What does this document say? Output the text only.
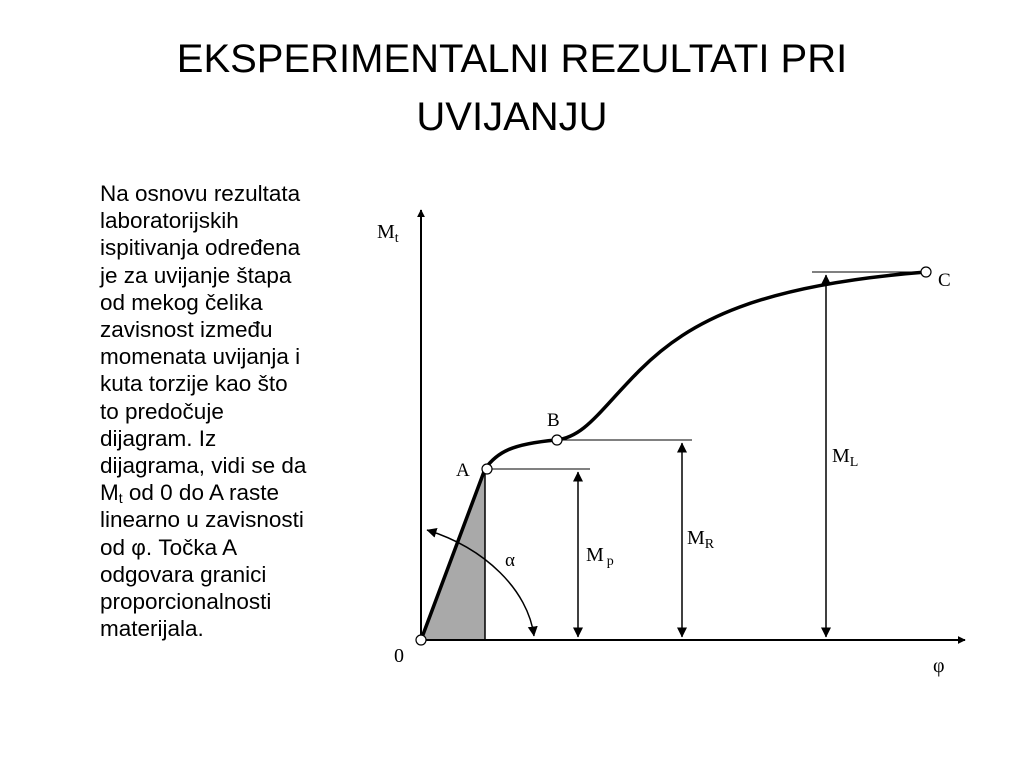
EKSPERIMENTALNI REZULTATI PRI
UVIJANJU
Na osnovu rezultata
laboratorijskih
ispitivanja određena
je za uvijanje štapa
od mekog čelika
zavisnost između
momenata uvijanja i
kuta torzije kao što
to predočuje
dijagram. Iz
dijagrama, vidi se da
$M_t$ od 0 do A raste
linearno u zavisnosti
od φ. Točka A
odgovara granici
proporcionalnosti
materijala.
$M_t$
φ
0
A
B
C
α	M $_p$
$M_R$
$M_L$
